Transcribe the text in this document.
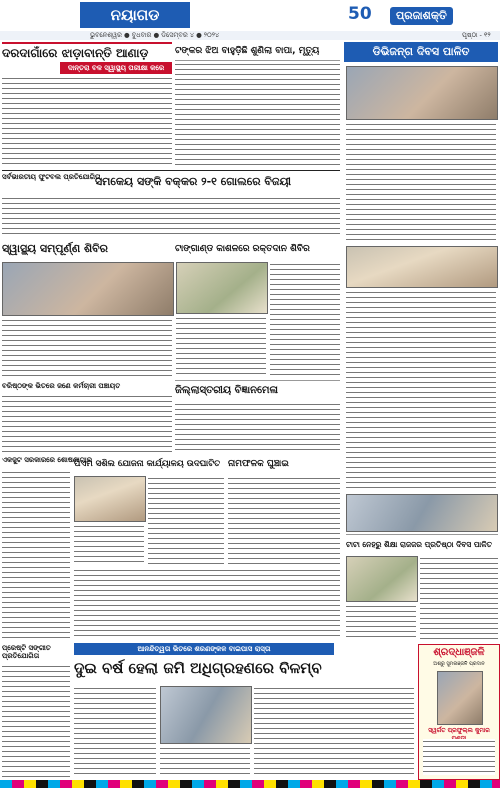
ନୟାଗଡ	50	ପ୍ରଜାଶକ୍ତି
ଭୁବନେଶ୍ୱର ● ବୁଧବାର ● ଡିସେମ୍ବର ୪ ● ୨୦୨୪	ପୃଷ୍ଠା - ୧୨
ଦରଦାଗାଁରେ ଝାଡ଼ାବାନ୍ତି ଆଣାଡ଼
ଦାନ୍ତରା ବଳ ସ୍ୱାସ୍ଥ୍ୟ ପରୀକ୍ଷା କରେ
ଟଙ୍କର ଝିଅ ବାହୁଡ଼ିଛି ଶୁଣିଲା ବାପା, ମୃତ୍ୟୁ	ଡିଭିଜନ୍ଗ ଦିବସ ପାଳିତ
ସର୍ବଭାରତୀୟ ଫୁଟବଲ ପ୍ରତିଯୋଗିତା
ସମକେୟ ସଙ୍କି ବକ୍କର ୨-୧ ଗୋଲରେ ବିଜୟୀ
ସ୍ୱାସ୍ଥ୍ୟ ସମ୍ପୂର୍ଣ୍ଣ ଶିବିର	ଟାଙ୍ଗାଣ୍ଡ କାଶଳରେ ରକ୍ତଦାନ ଶିବିର
ଜିଲ୍ଲାସ୍ତରୀୟ ବିଜ୍ଞାନମେଳା
ବରିଷ୍ଠଙ୍କ ଭିତରେ ଜଣେ କର୍ମଚାରୀ ପଞ୍ଚାୟତ
ଏକଜୁଟ ସରକାରରେ ଶୋଷଣାଗାର
ପିଏମ ସଶିଲ ଯୋଜନା କାର୍ଯ୍ୟାଳୟ ଉଦଘାଟିତ ନାମଫଳକ ଘୁଞ୍ଚାଇ
ଟାଟା ନେହରୁ ଶିକ୍ଷା ରାଜଜର ପ୍ରତିଷ୍ଠା ଦିବସ ପାଳିତ
ଆନନ୍ଦିତ୍ୱତା ଭିତରେ ଶରଣଙ୍କଳ ବାଇପାସ ରାସ୍ତା
ଦୁଇ ବର୍ଷ ହେଲା ଜମି ଅଧିଗ୍ରହଣରେ ବିଳମ୍ବ
ପ୍ରେଷ୍ଟି ସଙ୍ଗୀତ ପ୍ରତିଯୋଗିତା	ଶ୍ରଦ୍ଧାଞ୍ଜଳି
ଅଶ୍ରୁ ସୁମନାଞ୍ଜଳି ପ୍ରଦାନ
ସ୍ୱର୍ଗତ ପ୍ରଫୁଲ୍ଲ କୁମାର
